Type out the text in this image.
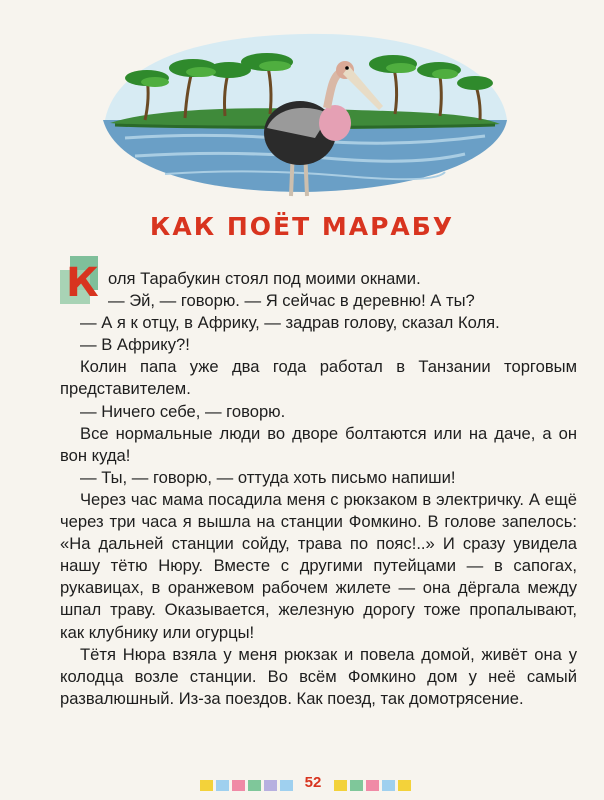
КАК ПОЁТ МАРАБУ
К оля Тарабукин стоял под моими окнами.

— Эй, — говорю. — Я сейчас в деревню! А ты?

— А я к отцу, в Африку, — задрав голову, сказал Коля.

— В Африку?!

Колин папа уже два года работал в Танзании торговым представителем.

— Ничего себе, — говорю.

Все нормальные люди во дворе болтаются или на даче, а он вон куда!

— Ты, — говорю, — оттуда хоть письмо напиши!

Через час мама посадила меня с рюкзаком в электричку. А ещё через три часа я вышла на станции Фомкино. В голове запелось: «На дальней станции сойду, трава по пояс!..» И сразу увидела нашу тётю Нюру. Вместе с другими путейцами — в сапогах, рукавицах, в оранжевом рабочем жилете — она дёргала между шпал траву. Оказывается, железную дорогу тоже пропалывают, как клубнику или огурцы!

Тётя Нюра взяла у меня рюкзак и повела домой, живёт она у колодца возле станции. Во всём Фомкино дом у неё самый развалюшный. Из-за поездов. Как поезд, так домотрясение.

52
